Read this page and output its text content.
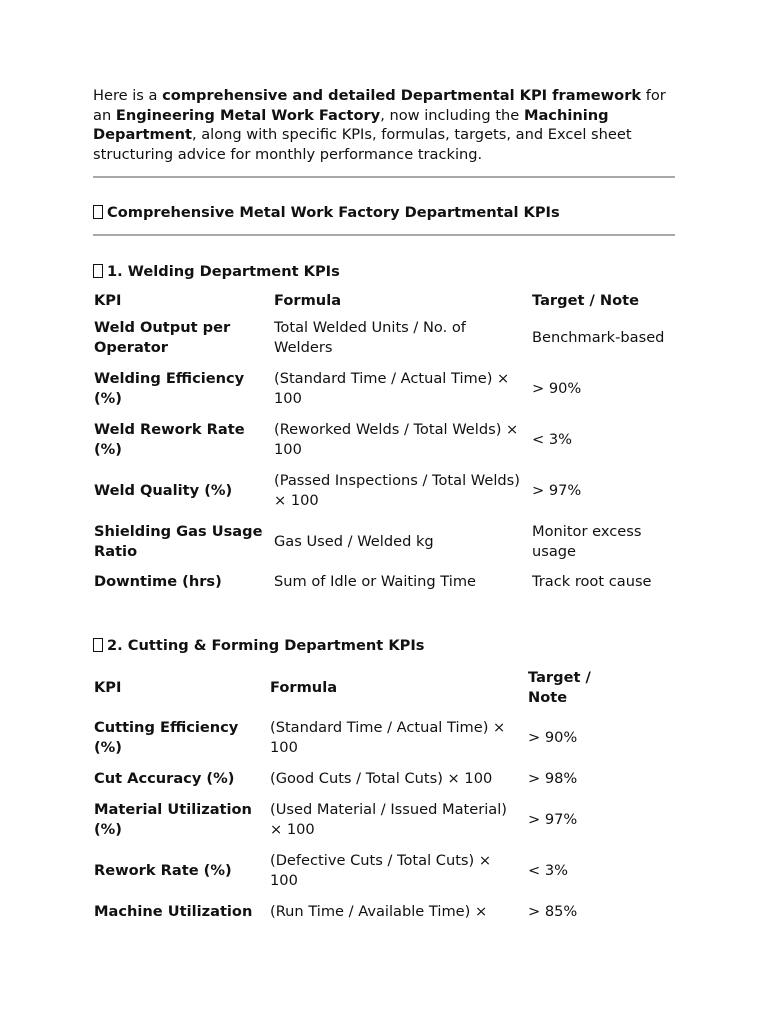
Here is a comprehensive and detailed Departmental KPI framework for an Engineering Metal Work Factory, now including the Machining Department, along with specific KPIs, formulas, targets, and Excel sheet structuring advice for monthly performance tracking.

Comprehensive Metal Work Factory Departmental KPIs
1. Welding Department KPIs
KPI	Formula	Target / Note
Weld Output per Operator	Total Welded Units / No. of Welders	Benchmark-based
Welding Efficiency (%)	(Standard Time / Actual Time) × 100	> 90%
Weld Rework Rate (%)	(Reworked Welds / Total Welds) × 100	< 3%
Weld Quality (%)	(Passed Inspections / Total Welds) × 100	> 97%
Shielding Gas Usage Ratio	Gas Used / Welded kg	Monitor excess usage
Downtime (hrs)	Sum of Idle or Waiting Time	Track root cause
2. Cutting & Forming Department KPIs
KPI	Formula	Target / Note
Cutting Efficiency (%)	(Standard Time / Actual Time) × 100	> 90%
Cut Accuracy (%)	(Good Cuts / Total Cuts) × 100	> 98%
Material Utilization (%)	(Used Material / Issued Material) × 100	> 97%
Rework Rate (%)	(Defective Cuts / Total Cuts) × 100	< 3%
Machine Utilization	(Run Time / Available Time) ×	> 85%
